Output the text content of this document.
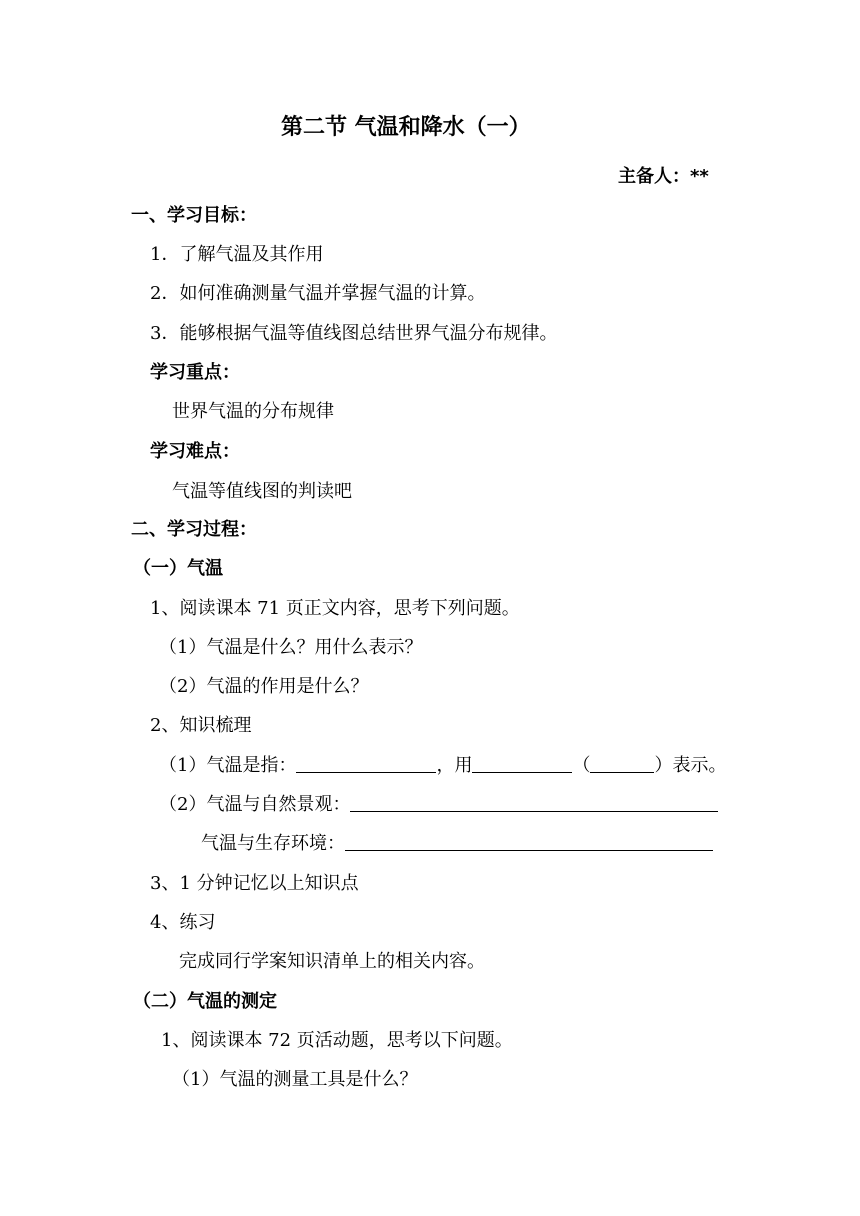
第二节 气温和降水（一）
主备人：**
一、学习目标：
1．了解气温及其作用
2．如何准确测量气温并掌握气温的计算。
3．能够根据气温等值线图总结世界气温分布规律。
学习重点：
世界气温的分布规律
学习难点：
气温等值线图的判读吧
二、学习过程：
（一）气温
1、阅读课本 71 页正文内容，思考下列问题。
（1）气温是什么？用什么表示？
（2）气温的作用是什么？
2、知识梳理
（1）气温是指：	，用	（	）表示。
（2）气温与自然景观：
气温与生存环境：
3、1 分钟记忆以上知识点
4、练习
完成同行学案知识清单上的相关内容。
（二）气温的测定
1、阅读课本 72 页活动题，思考以下问题。
（1）气温的测量工具是什么？
